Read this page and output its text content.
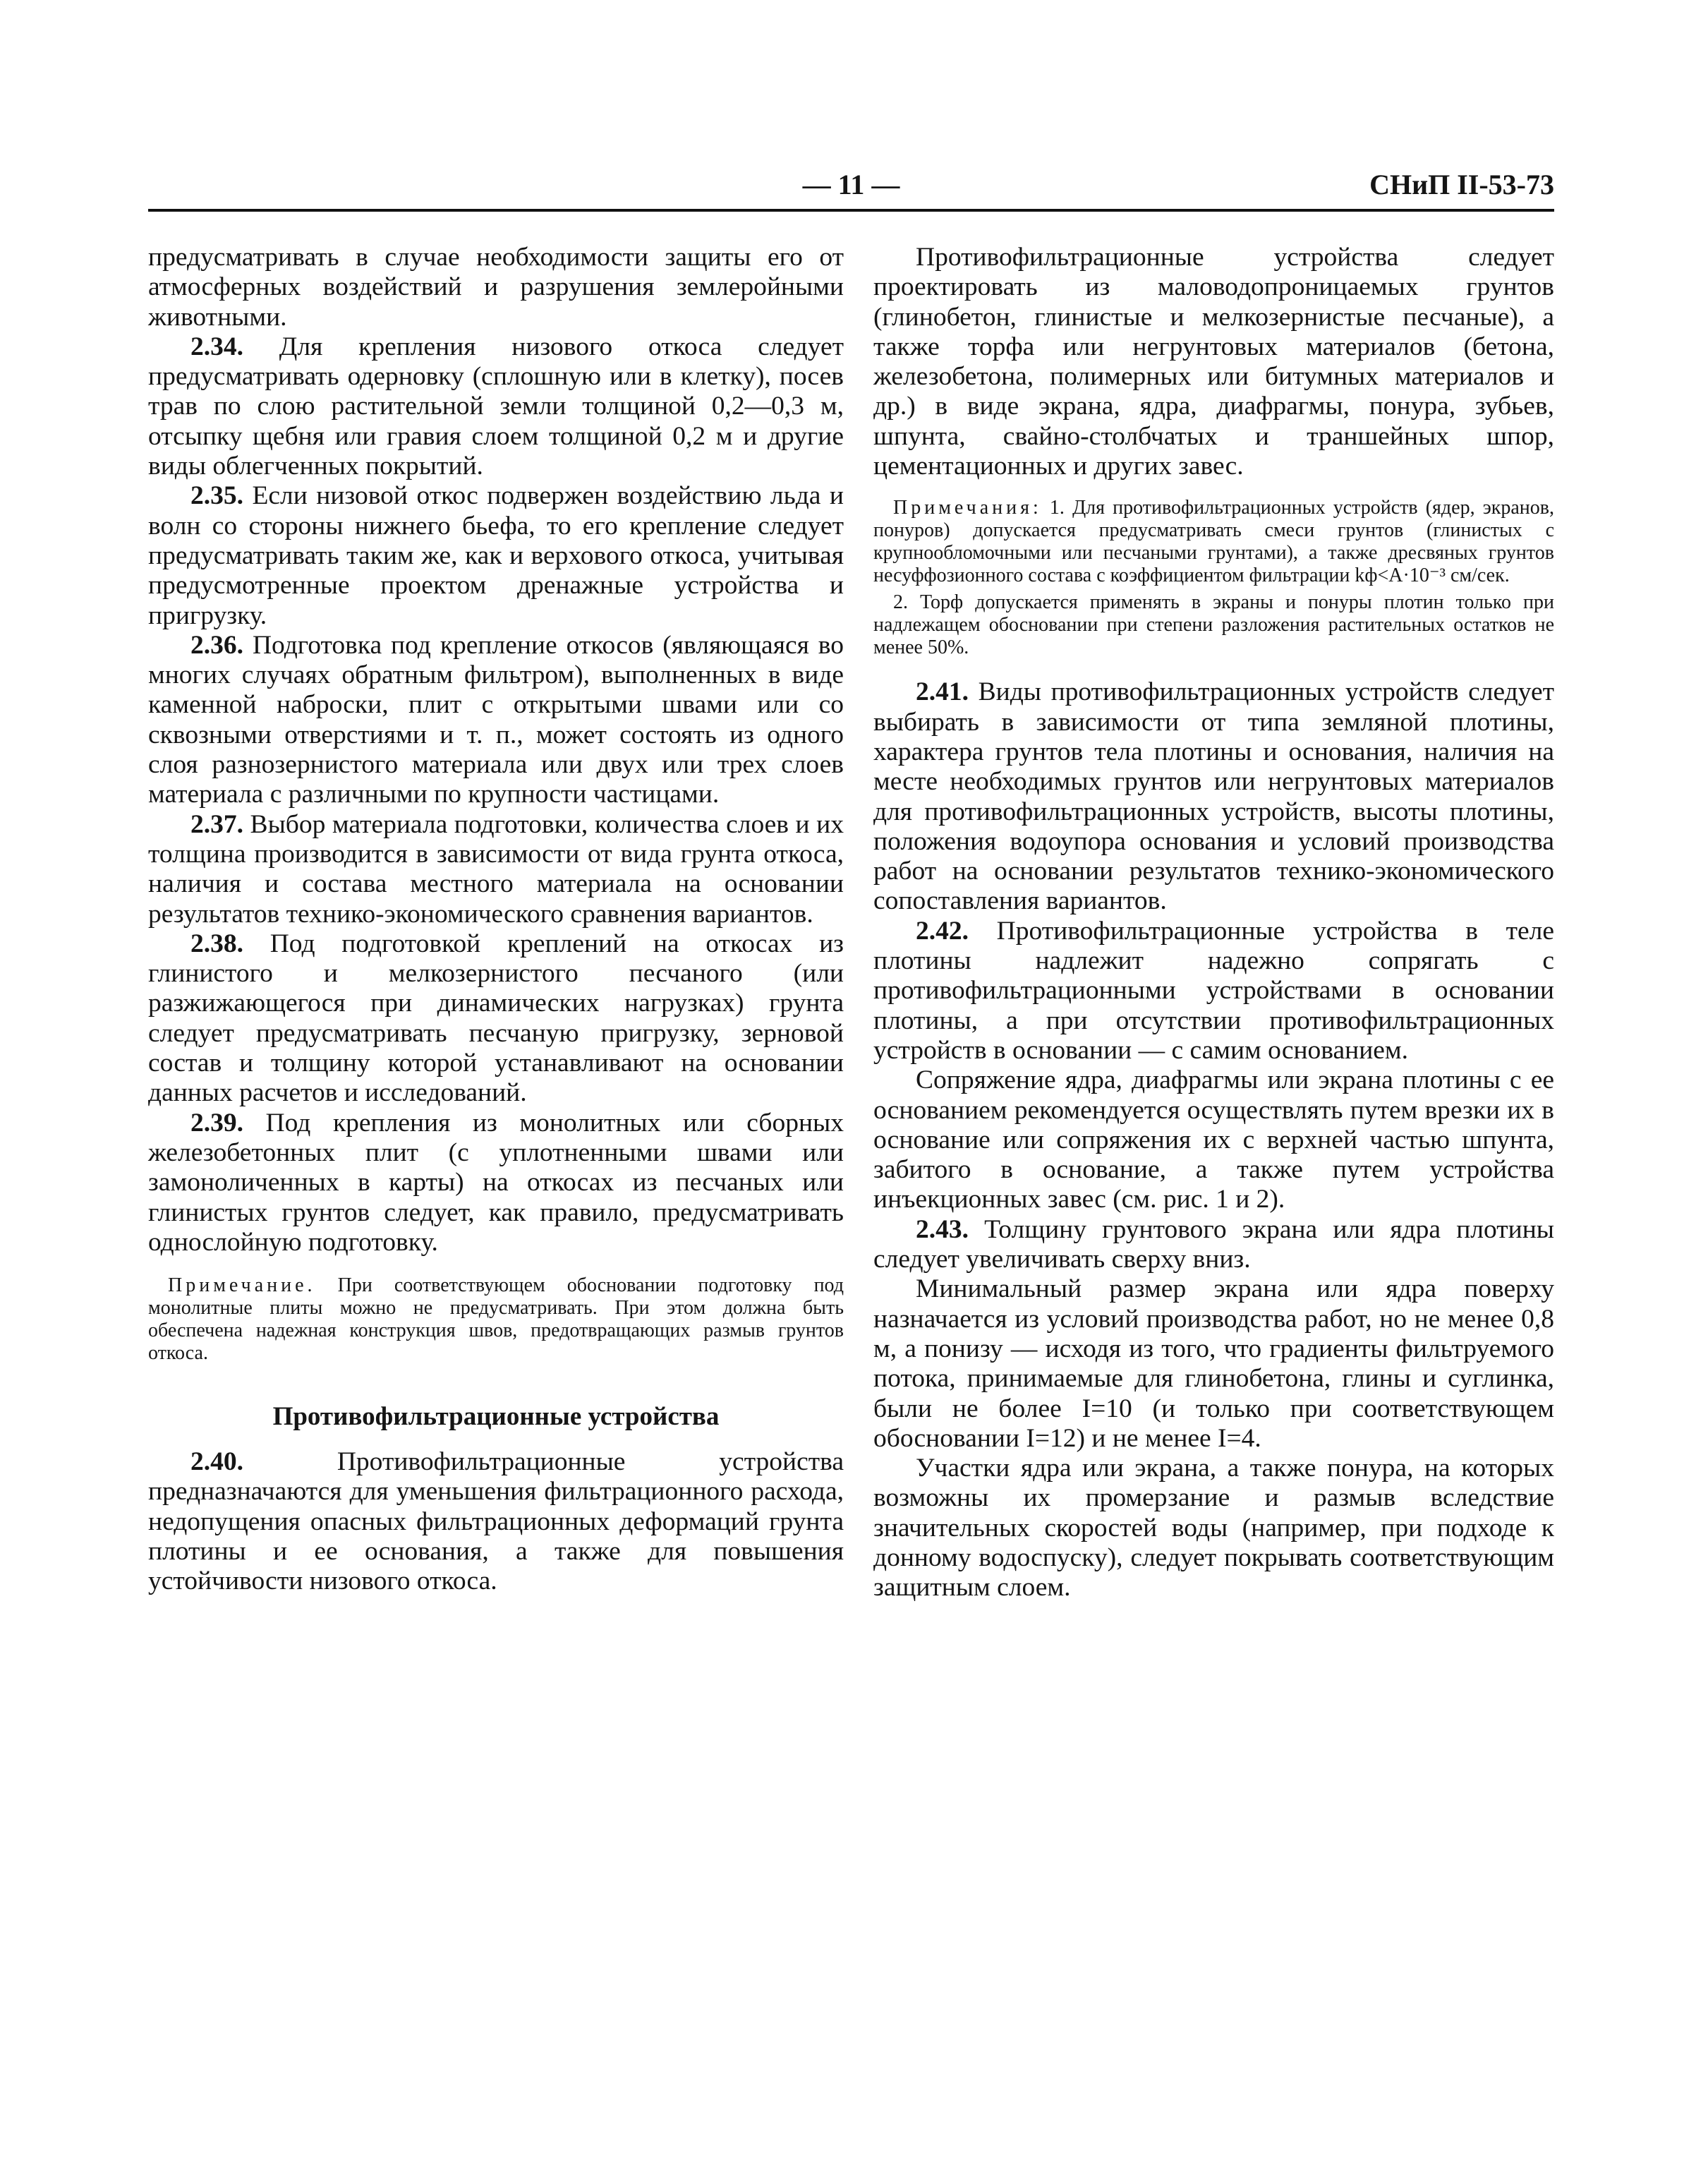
— 11 —	СНиП II-53-73

предусматривать в случае необходимости защиты его от атмосферных воздействий и разрушения землеройными животными.

2.34. Для крепления низового откоса следует предусматривать одерновку (сплошную или в клетку), посев трав по слою растительной земли толщиной 0,2—0,3 м, отсыпку щебня или гравия слоем толщиной 0,2 м и другие виды облегченных покрытий.

2.35. Если низовой откос подвержен воздействию льда и волн со стороны нижнего бьефа, то его крепление следует предусматривать таким же, как и верхового откоса, учитывая предусмотренные проектом дренажные устройства и пригрузку.

2.36. Подготовка под крепление откосов (являющаяся во многих случаях обратным фильтром), выполненных в виде каменной наброски, плит с открытыми швами или со сквозными отверстиями и т. п., может состоять из одного слоя разнозернистого материала или двух или трех слоев материала с различными по крупности частицами.

2.37. Выбор материала подготовки, количества слоев и их толщина производится в зависимости от вида грунта откоса, наличия и состава местного материала на основании результатов технико-экономического сравнения вариантов.

2.38. Под подготовкой креплений на откосах из глинистого и мелкозернистого песчаного (или разжижающегося при динамических нагрузках) грунта следует предусматривать песчаную пригрузку, зерновой состав и толщину которой устанавливают на основании данных расчетов и исследований.

2.39. Под крепления из монолитных или сборных железобетонных плит (с уплотненными швами или замоноличенных в карты) на откосах из песчаных или глинистых грунтов следует, как правило, предусматривать однослойную подготовку.

Примечание. При соответствующем обосновании подготовку под монолитные плиты можно не предусматривать. При этом должна быть обеспечена надежная конструкция швов, предотвращающих размыв грунтов откоса.

Противофильтрационные устройства

2.40. Противофильтрационные устройства предназначаются для уменьшения фильтрационного расхода, недопущения опасных фильтрационных деформаций грунта плотины и ее основания, а также для повышения устойчивости низового откоса.

Противофильтрационные устройства следует проектировать из маловодопроницаемых грунтов (глинобетон, глинистые и мелкозернистые песчаные), а также торфа или негрунтовых материалов (бетона, железобетона, полимерных или битумных материалов и др.) в виде экрана, ядра, диафрагмы, понура, зубьев, шпунта, свайно-столбчатых и траншейных шпор, цементационных и других завес.

Примечания: 1. Для противофильтрационных устройств (ядер, экранов, понуров) допускается предусматривать смеси грунтов (глинистых с крупнообломочными или песчаными грунтами), а также дресвяных грунтов несуффозионного состава с коэффициентом фильтрации kф<A·10⁻³ см/сек.

2. Торф допускается применять в экраны и понуры плотин только при надлежащем обосновании при степени разложения растительных остатков не менее 50%.

2.41. Виды противофильтрационных устройств следует выбирать в зависимости от типа земляной плотины, характера грунтов тела плотины и основания, наличия на месте необходимых грунтов или негрунтовых материалов для противофильтрационных устройств, высоты плотины, положения водоупора основания и условий производства работ на основании результатов технико-экономического сопоставления вариантов.

2.42. Противофильтрационные устройства в теле плотины надлежит надежно сопрягать с противофильтрационными устройствами в основании плотины, а при отсутствии противофильтрационных устройств в основании — с самим основанием.

Сопряжение ядра, диафрагмы или экрана плотины с ее основанием рекомендуется осуществлять путем врезки их в основание или сопряжения их с верхней частью шпунта, забитого в основание, а также путем устройства инъекционных завес (см. рис. 1 и 2).

2.43. Толщину грунтового экрана или ядра плотины следует увеличивать сверху вниз.

Минимальный размер экрана или ядра поверху назначается из условий производства работ, но не менее 0,8 м, а понизу — исходя из того, что градиенты фильтруемого потока, принимаемые для глинобетона, глины и суглинка, были не более I=10 (и только при соответствующем обосновании I=12) и не менее I=4.

Участки ядра или экрана, а также понура, на которых возможны их промерзание и размыв вследствие значительных скоростей воды (например, при подходе к донному водоспуску), следует покрывать соответствующим защитным слоем.
